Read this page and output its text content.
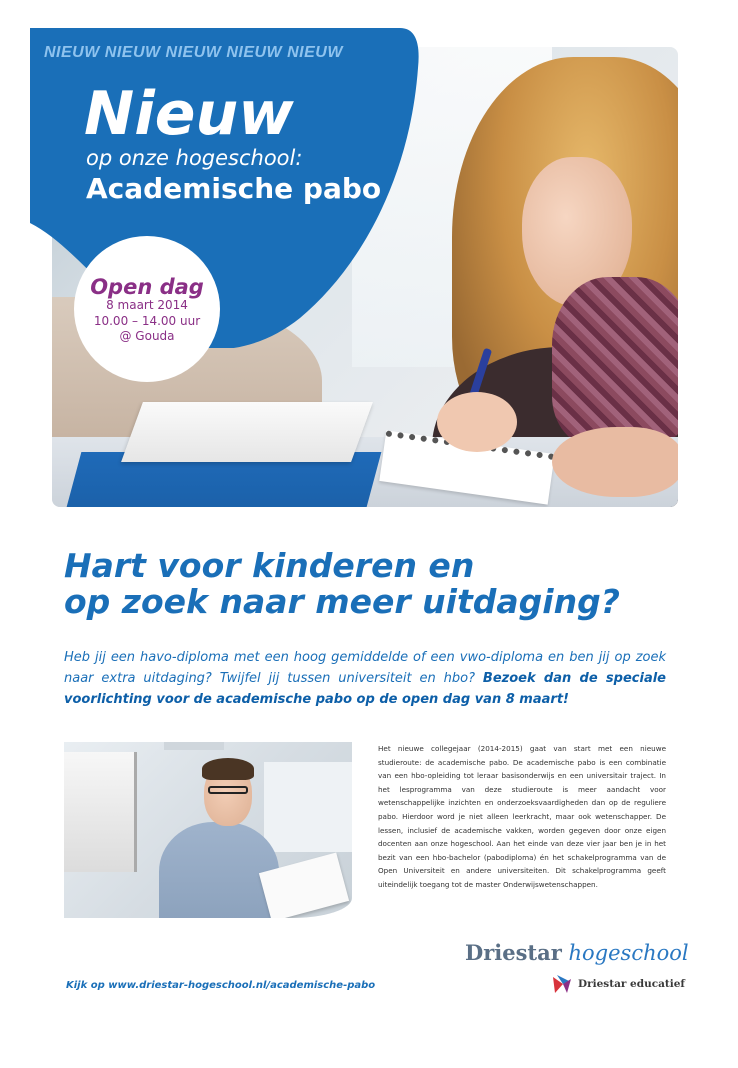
NIEUW NIEUW NIEUW NIEUW NIEUW
Nieuw
op onze hogeschool:
Academische pabo
Open dag
8 maart 2014
10.00 – 14.00 uur
@ Gouda
Hart voor kinderen en
op zoek naar meer uitdaging?

Heb jij een havo-diploma met een hoog gemiddelde of een vwo-diploma en ben jij op zoek naar extra uitdaging? Twijfel jij tussen universiteit en hbo? Bezoek dan de speciale voorlichting voor de academische pabo op de open dag van 8 maart!

Het nieuwe collegejaar (2014-2015) gaat van start met een nieuwe studieroute: de academische pabo. De academische pabo is een combinatie van een hbo-opleiding tot leraar basisonderwijs en een universitair traject. In het lesprogramma van deze studieroute is meer aandacht voor wetenschappelijke inzichten en onderzoeksvaardigheden dan op de reguliere pabo. Hierdoor word je niet alleen leerkracht, maar ook wetenschapper. De lessen, inclusief de academische vakken, worden gegeven door onze eigen docenten aan onze hogeschool. Aan het einde van deze vier jaar ben je in het bezit van een hbo-bachelor (pabodiploma) én het schakelprogramma van de Open Universiteit en andere universiteiten. Dit schakelprogramma geeft uiteindelijk toegang tot de master Onderwijswetenschappen.

Kijk op www.driestar-hogeschool.nl/academische-pabo
Driestar hogeschool
Driestar educatief
